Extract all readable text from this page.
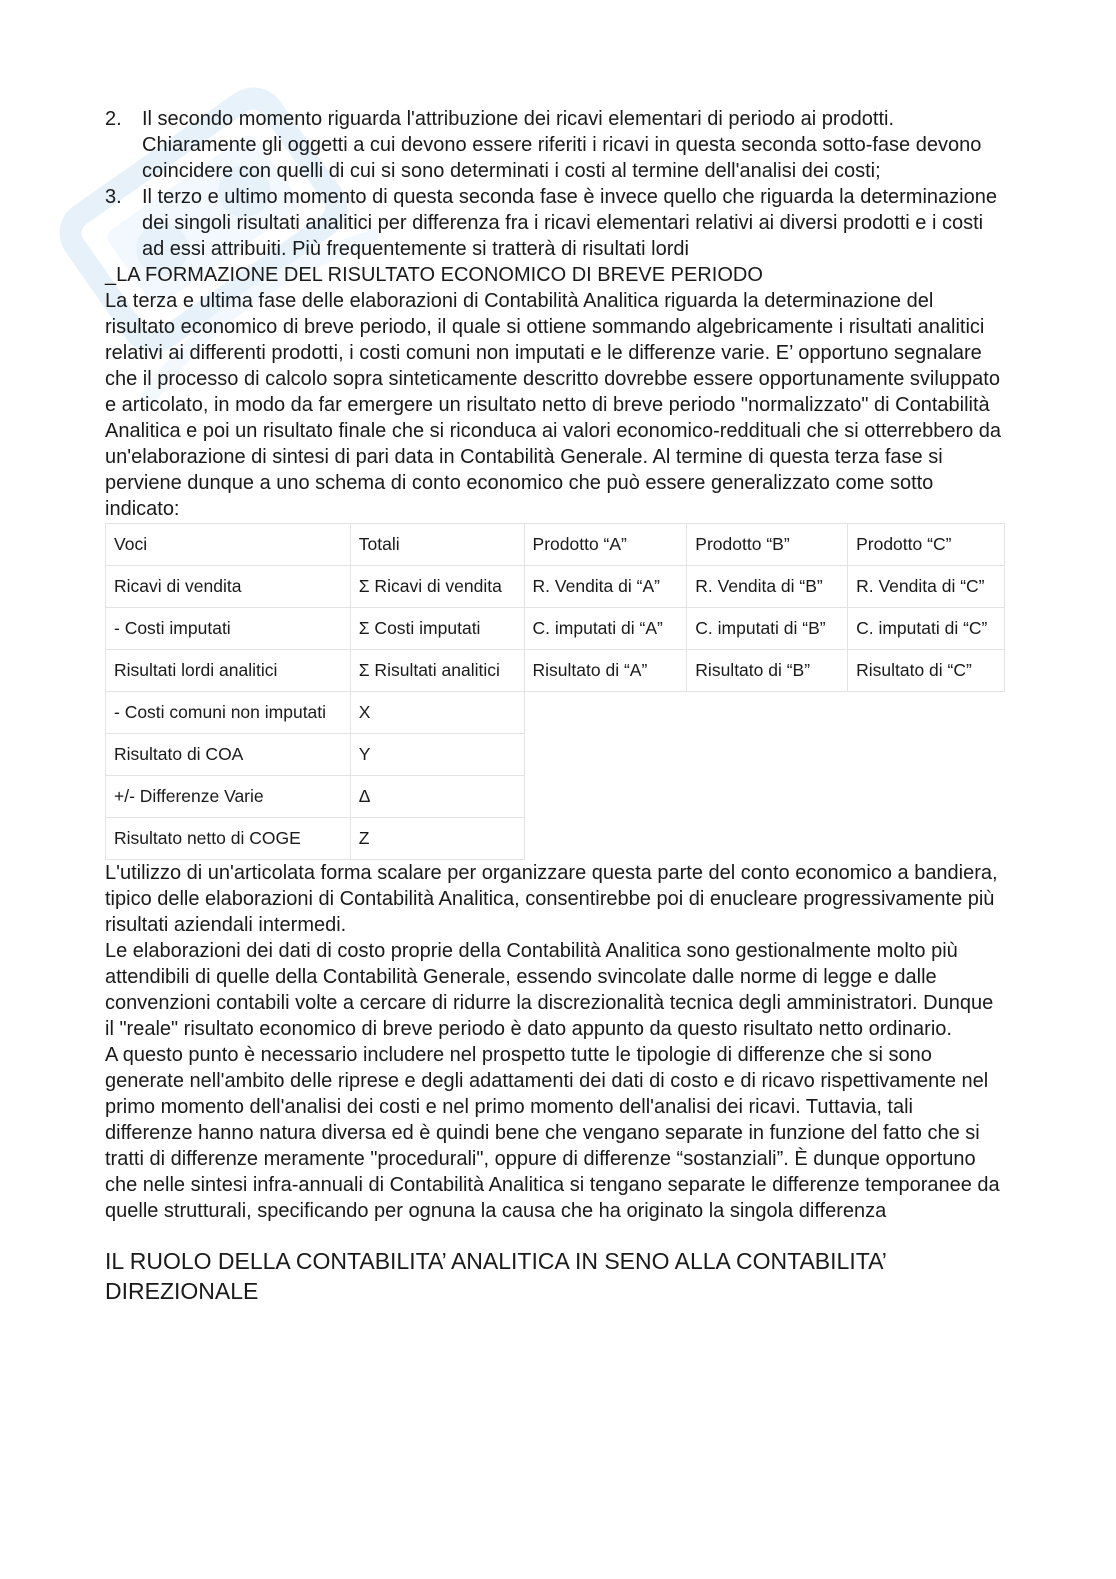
2. Il secondo momento riguarda l'attribuzione dei ricavi elementari di periodo ai prodotti. Chiaramente gli oggetti a cui devono essere riferiti i ricavi in questa seconda sotto-fase devono coincidere con quelli di cui si sono determinati i costi al termine dell'analisi dei costi;
3. Il terzo e ultimo momento di questa seconda fase è invece quello che riguarda la determinazione dei singoli risultati analitici per differenza fra i ricavi elementari relativi ai diversi prodotti e i costi ad essi attribuiti. Più frequentemente si tratterà di risultati lordi
_LA FORMAZIONE DEL RISULTATO ECONOMICO DI BREVE PERIODO

La terza e ultima fase delle elaborazioni di Contabilità Analitica riguarda la determinazione del risultato economico di breve periodo, il quale si ottiene sommando algebricamente i risultati analitici relativi ai differenti prodotti, i costi comuni non imputati e le differenze varie. E’ opportuno segnalare che il processo di calcolo sopra sinteticamente descritto dovrebbe essere opportunamente sviluppato e articolato, in modo da far emergere un risultato netto di breve periodo "normalizzato" di Contabilità Analitica e poi un risultato finale che si riconduca ai valori economico-reddituali che si otterrebbero da un'elaborazione di sintesi di pari data in Contabilità Generale. Al termine di questa terza fase si perviene dunque a uno schema di conto economico che può essere generalizzato come sotto indicato:

Voci	Totali	Prodotto “A”	Prodotto “B”	Prodotto “C”
Ricavi di vendita	Σ Ricavi di vendita	R. Vendita di “A”	R. Vendita di “B”	R. Vendita di “C”
- Costi imputati	Σ Costi imputati	C. imputati di “A”	C. imputati di “B”	C. imputati di “C”
Risultati lordi analitici	Σ Risultati analitici	Risultato di “A”	Risultato di “B”	Risultato di “C”
- Costi comuni non imputati	X			
Risultato di COA	Y			
+/- Differenze Varie	Δ			
Risultato netto di COGE	Z			

L'utilizzo di un'articolata forma scalare per organizzare questa parte del conto economico a bandiera, tipico delle elaborazioni di Contabilità Analitica, consentirebbe poi di enucleare progressivamente più risultati aziendali intermedi.

Le elaborazioni dei dati di costo proprie della Contabilità Analitica sono gestionalmente molto più attendibili di quelle della Contabilità Generale, essendo svincolate dalle norme di legge e dalle convenzioni contabili volte a cercare di ridurre la discrezionalità tecnica degli amministratori. Dunque il "reale" risultato economico di breve periodo è dato appunto da questo risultato netto ordinario.

A questo punto è necessario includere nel prospetto tutte le tipologie di differenze che si sono generate nell'ambito delle riprese e degli adattamenti dei dati di costo e di ricavo rispettivamente nel primo momento dell'analisi dei costi e nel primo momento dell'analisi dei ricavi. Tuttavia, tali differenze hanno natura diversa ed è quindi bene che vengano separate in funzione del fatto che si tratti di differenze meramente "procedurali", oppure di differenze “sostanziali”. È dunque opportuno che nelle sintesi infra-annuali di Contabilità Analitica si tengano separate le differenze temporanee da quelle strutturali, specificando per ognuna la causa che ha originato la singola differenza

IL RUOLO DELLA CONTABILITA’ ANALITICA IN SENO ALLA CONTABILITA’ DIREZIONALE
